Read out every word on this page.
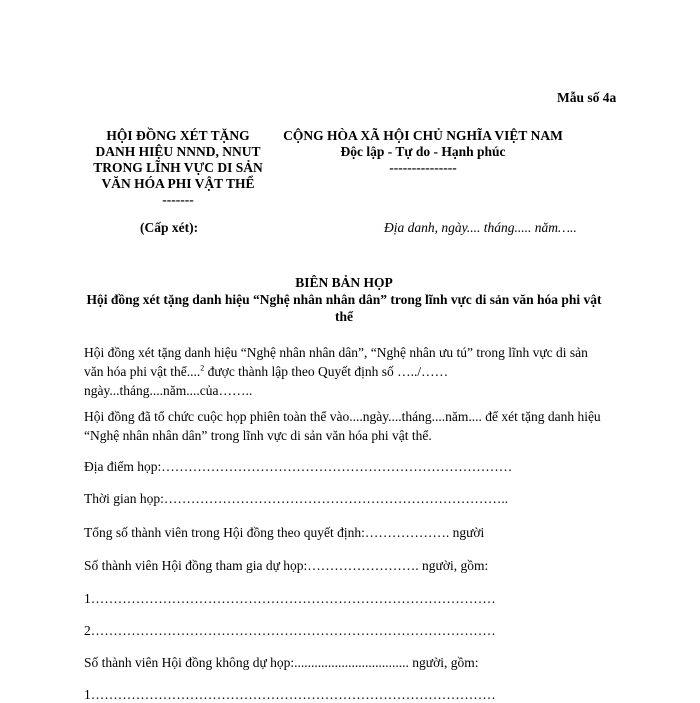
Mẫu số 4a
HỘI ĐỒNG XÉT TẶNG
DANH HIỆU NNND, NNUT
TRONG LĨNH VỰC DI SẢN
VĂN HÓA PHI VẬT THỂ
-------
(Cấp xét):
CỘNG HÒA XÃ HỘI CHỦ NGHĨA VIỆT NAM
Độc lập - Tự do - Hạnh phúc
---------------
Địa danh, ngày.... tháng..... năm…..
BIÊN BẢN HỌP
Hội đồng xét tặng danh hiệu “Nghệ nhân nhân dân” trong lĩnh vực di sản văn hóa phi vật
thể
Hội đồng xét tặng danh hiệu “Nghệ nhân nhân dân”, “Nghệ nhân ưu tú” trong lĩnh vực di sản văn hóa phi vật thể....$^2$ được thành lập theo Quyết định số …../…… ngày...tháng....năm....của……..
Hội đồng đã tổ chức cuộc họp phiên toàn thể vào....ngày....tháng....năm.... để xét tặng danh hiệu “Nghệ nhân nhân dân” trong lĩnh vực di sản văn hóa phi vật thể.
Địa điểm họp:……………………………………………………………………
Thời gian họp:…………………………………………………………………..
Tổng số thành viên trong Hội đồng theo quyết định:………………. người
Số thành viên Hội đồng tham gia dự họp:……………………. người, gồm:
1………………………………………………………………………………
2………………………………………………………………………………
Số thành viên Hội đồng không dự họp:.................................. người, gồm:
1………………………………………………………………………………
